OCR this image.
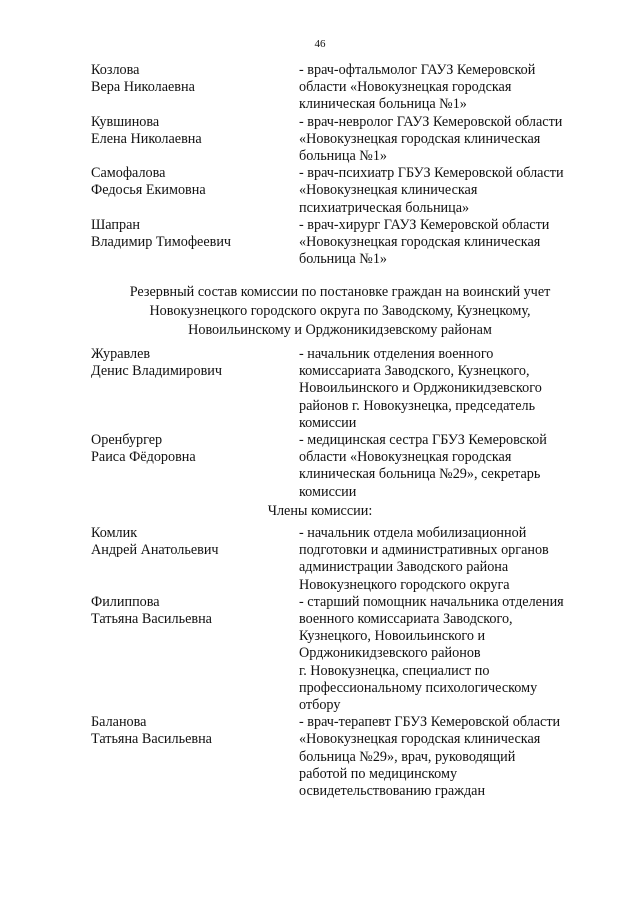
46
Козлова
Вера Николаевна
- врач-офтальмолог ГАУЗ Кемеровской
области «Новокузнецкая городская
клиническая больница №1»
Кувшинова
Елена Николаевна
- врач-невролог ГАУЗ Кемеровской области
«Новокузнецкая городская клиническая
больница №1»
Самофалова
Федосья Екимовна
- врач-психиатр ГБУЗ Кемеровской области
«Новокузнецкая клиническая
психиатрическая больница»
Шапран
Владимир Тимофеевич
- врач-хирург ГАУЗ Кемеровской области
«Новокузнецкая городская клиническая
больница №1»
Резервный состав комиссии по постановке граждан на воинский учет
Новокузнецкого городского округа по Заводскому, Кузнецкому,
Новоильинскому и Орджоникидзевскому районам
Журавлев
Денис Владимирович
- начальник отделения военного
комиссариата Заводского, Кузнецкого,
Новоильинского и Орджоникидзевского
районов г. Новокузнецка, председатель
комиссии
Оренбургер
Раиса Фёдоровна
- медицинская сестра ГБУЗ Кемеровской
области «Новокузнецкая городская
клиническая больница №29», секретарь
комиссии
Члены комиссии:
Комлик
Андрей Анатольевич
- начальник отдела мобилизационной
подготовки и административных органов
администрации Заводского района
Новокузнецкого городского округа
Филиппова
Татьяна Васильевна
- старший помощник начальника отделения
военного комиссариата Заводского,
Кузнецкого, Новоильинского и
Орджоникидзевского районов
г. Новокузнецка, специалист по
профессиональному психологическому
отбору
Баланова
Татьяна Васильевна
- врач-терапевт ГБУЗ Кемеровской области
«Новокузнецкая городская клиническая
больница №29», врач, руководящий
работой по медицинскому
освидетельствованию граждан
